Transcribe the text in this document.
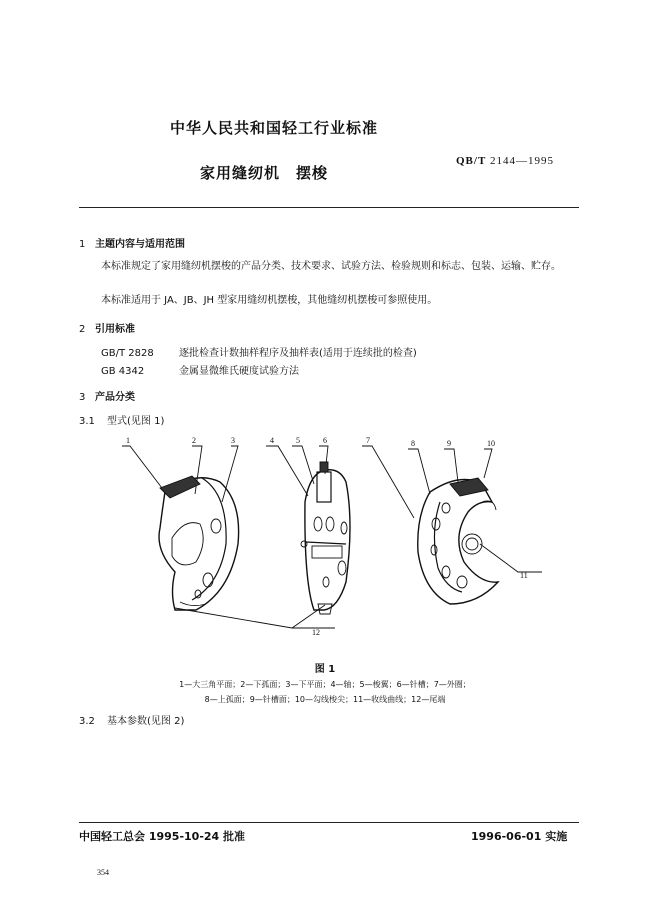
中华人民共和国轻工行业标准
家用缝纫机 摆梭
QB/T 2144—1995
1 主题内容与适用范围
本标准规定了家用缝纫机摆梭的产品分类、技术要求、试验方法、检验规则和标志、包装、运输、贮存。
本标准适用于 JA、JB、JH 型家用缝纫机摆梭，其他缝纫机摆梭可参照使用。
2 引用标准
GB/T 2828	逐批检查计数抽样程序及抽样表(适用于连续批的检查)
GB 4342	金属显微维氏硬度试验方法
3 产品分类
3.1 型式(见图 1)
1	2	3	4	5	6	7	8	9	10
11
12
图 1
1—大三角平面；2—下孤面；3—下平面；4—轴；5—梭翼；6—针槽；7—外圈；
8—上孤面；9—针槽面；10—勾线梭尖；11—收线曲线；12—尾端
3.2 基本参数(见图 2)
中国轻工总会 1995-10-24 批准	1996-06-01 实施
354
